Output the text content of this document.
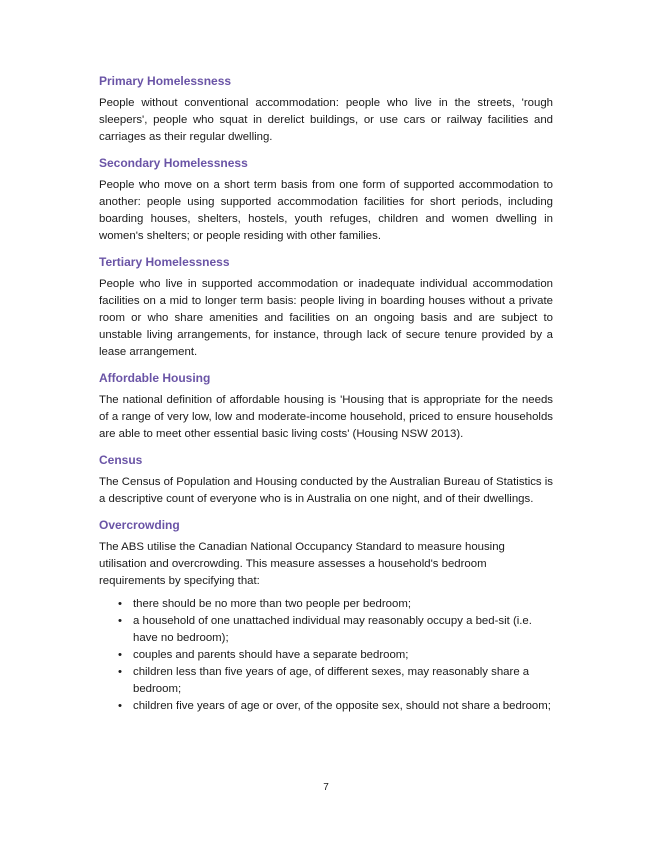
Primary Homelessness

People without conventional accommodation: people who live in the streets, 'rough sleepers', people who squat in derelict buildings, or use cars or railway facilities and carriages as their regular dwelling.

Secondary Homelessness

People who move on a short term basis from one form of supported accommodation to another: people using supported accommodation facilities for short periods, including boarding houses, shelters, hostels, youth refuges, children and women dwelling in women's shelters; or people residing with other families.

Tertiary Homelessness

People who live in supported accommodation or inadequate individual accommodation facilities on a mid to longer term basis: people living in boarding houses without a private room or who share amenities and facilities on an ongoing basis and are subject to unstable living arrangements, for instance, through lack of secure tenure provided by a lease arrangement.

Affordable Housing

The national definition of affordable housing is 'Housing that is appropriate for the needs of a range of very low, low and moderate-income household, priced to ensure households are able to meet other essential basic living costs' (Housing NSW 2013).

Census

The Census of Population and Housing conducted by the Australian Bureau of Statistics is a descriptive count of everyone who is in Australia on one night, and of their dwellings.

Overcrowding

The ABS utilise the Canadian National Occupancy Standard to measure housing utilisation and overcrowding. This measure assesses a household's bedroom requirements by specifying that:

• there should be no more than two people per bedroom;
• a household of one unattached individual may reasonably occupy a bed-sit (i.e. have no bedroom);
• couples and parents should have a separate bedroom;
• children less than five years of age, of different sexes, may reasonably share a bedroom;
• children five years of age or over, of the opposite sex, should not share a bedroom;
7
